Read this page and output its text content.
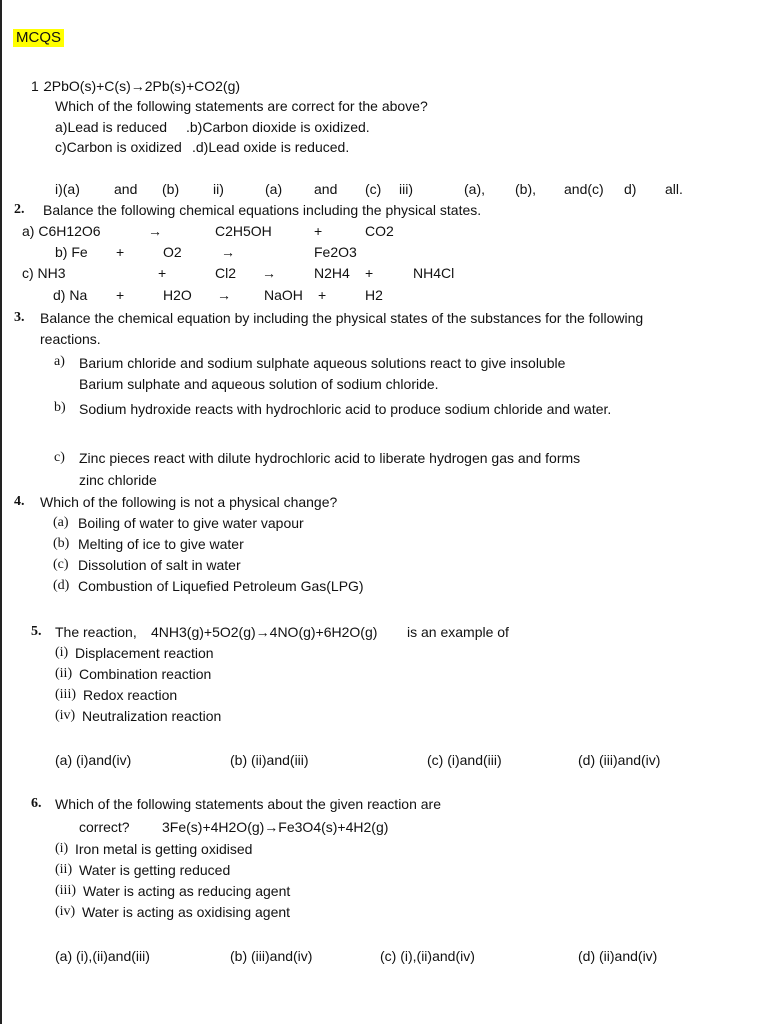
MCQS
1 .
2PbO(s)+C(s)→2Pb(s)+CO2(g)
Which of the following statements are correct for the above?
a)Lead is reduced .b)Carbon dioxide is oxidized.
c)Carbon is oxidized .d)Lead oxide is reduced.
i)(a) and (b) ii)	(a) and (c) iii)	(a), (b), and(c) d) all.
2. Balance the following chemical equations including the physical states.
a) C6H12O6	→	C2H5OH	+	CO2
b) Fe +	O2	→	Fe2O3
c) NH3	+	Cl2 →	N2H4 +	NH4Cl
d) Na +	H2O → NaOH +	H2
3. Balance the chemical equation by including the physical states of the substances for the following
reactions.
a) Barium chloride and sodium sulphate aqueous solutions react to give insoluble
Barium sulphate and aqueous solution of sodium chloride.
b) Sodium hydroxide reacts with hydrochloric acid to produce sodium chloride and water.
c) Zinc pieces react with dilute hydrochloric acid to liberate hydrogen gas and forms
zinc chloride
4. Which of the following is not a physical change?
(a) Boiling of water to give water vapour
(b) Melting of ice to give water
(c) Dissolution of salt in water
(d) Combustion of Liquefied Petroleum Gas(LPG)
5. The reaction, 4NH3(g)+5O2(g)→4NO(g)+6H2O(g) is an example of
(i) Displacement reaction
(ii) Combination reaction
(iii) Redox reaction
(iv) Neutralization reaction
(a) (i)and(iv)	(b) (ii)and(iii)	(c) (i)and(iii)	(d) (iii)and(iv)
6. Which of the following statements about the given reaction are
correct? 3Fe(s)+4H2O(g)→Fe3O4(s)+4H2(g)
(i) Iron metal is getting oxidised
(ii) Water is getting reduced
(iii) Water is acting as reducing agent
(iv) Water is acting as oxidising agent
(a) (i),(ii)and(iii)	(b) (iii)and(iv)	(c) (i),(ii)and(iv)	(d) (ii)and(iv)
